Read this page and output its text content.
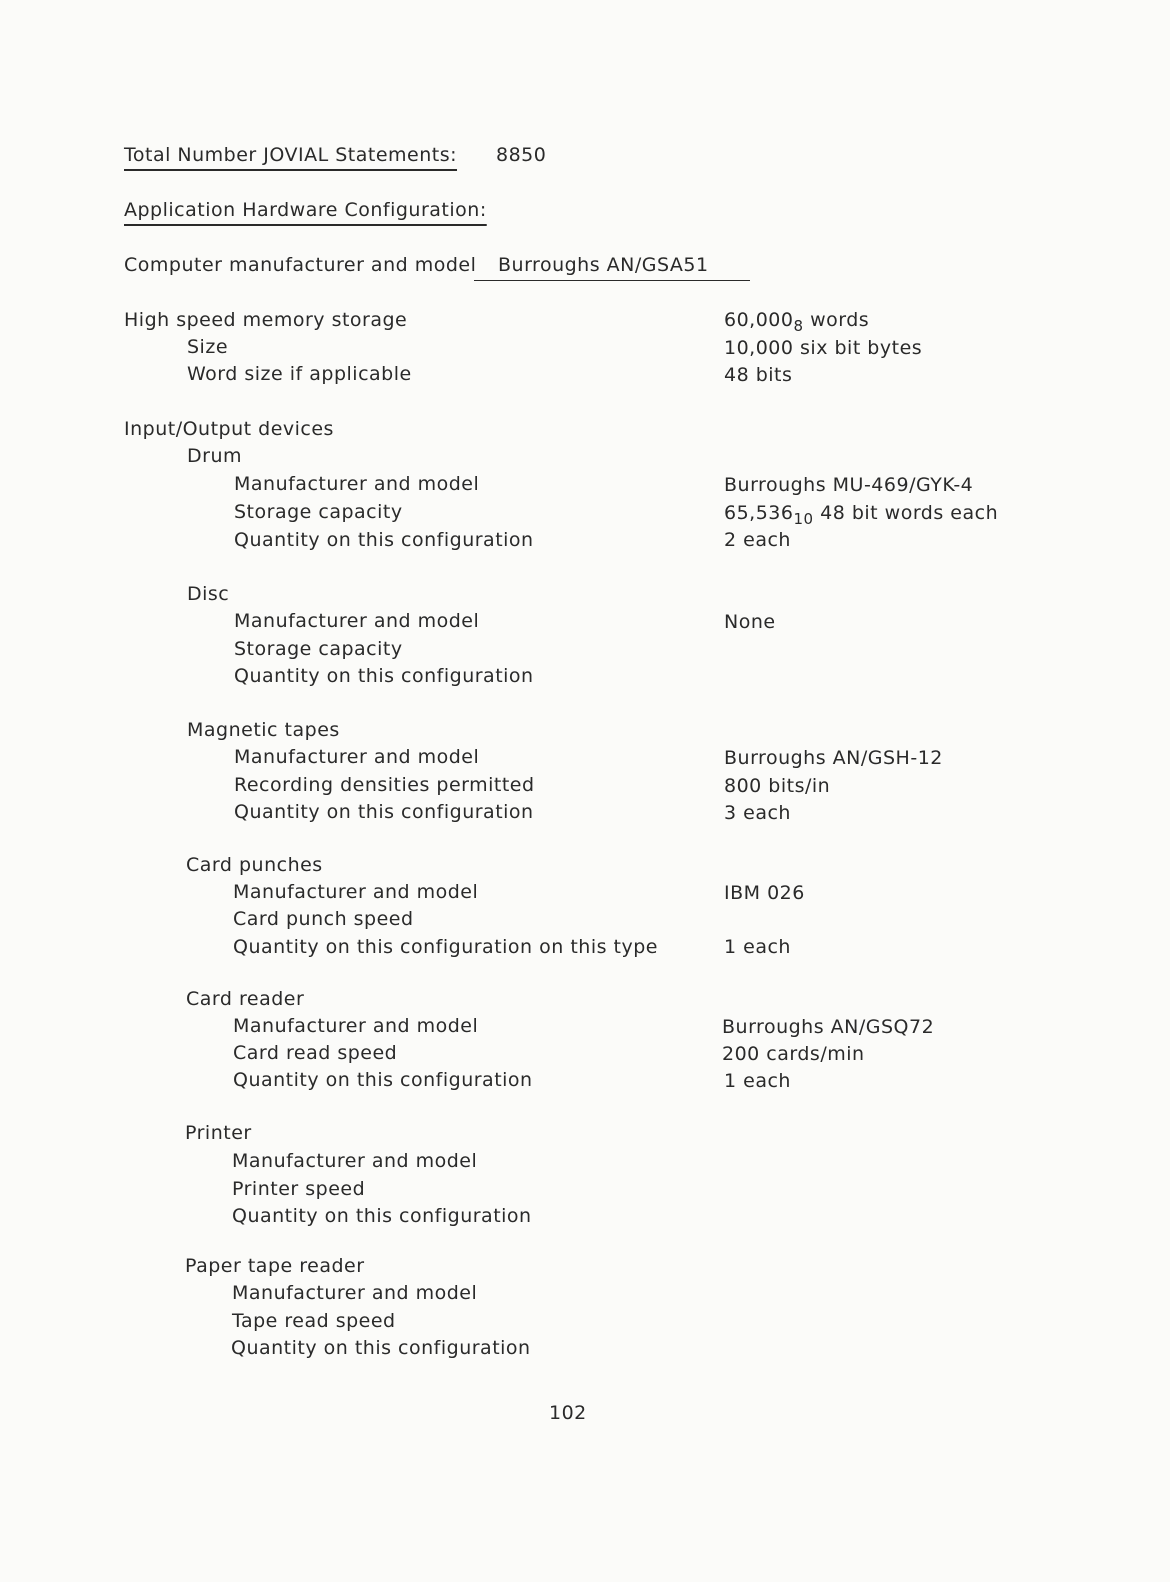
Total Number JOVIAL Statements: 8850
Application Hardware Configuration:
Computer manufacturer and model Burroughs AN/GSA51
High speed memory storage
Size
Word size if applicable
$60,000_8$ words
10,000 six bit bytes
48 bits
Input/Output devices
Drum
Manufacturer and model
Storage capacity
Quantity on this configuration
Burroughs MU-469/GYK-4
$65,536_{10}$ 48 bit words each
2 each
Disc
Manufacturer and model
Storage capacity
Quantity on this configuration
None
Magnetic tapes
Manufacturer and model
Recording densities permitted
Quantity on this configuration
Burroughs AN/GSH-12
800 bits/in
3 each
Card punches
Manufacturer and model
Card punch speed
Quantity on this configuration on this type
IBM 026
1 each
Card reader
Manufacturer and model
Card read speed
Quantity on this configuration
Burroughs AN/GSQ72
200 cards/min
1 each
Printer
Manufacturer and model
Printer speed
Quantity on this configuration
Paper tape reader
Manufacturer and model
Tape read speed
Quantity on this configuration
102
